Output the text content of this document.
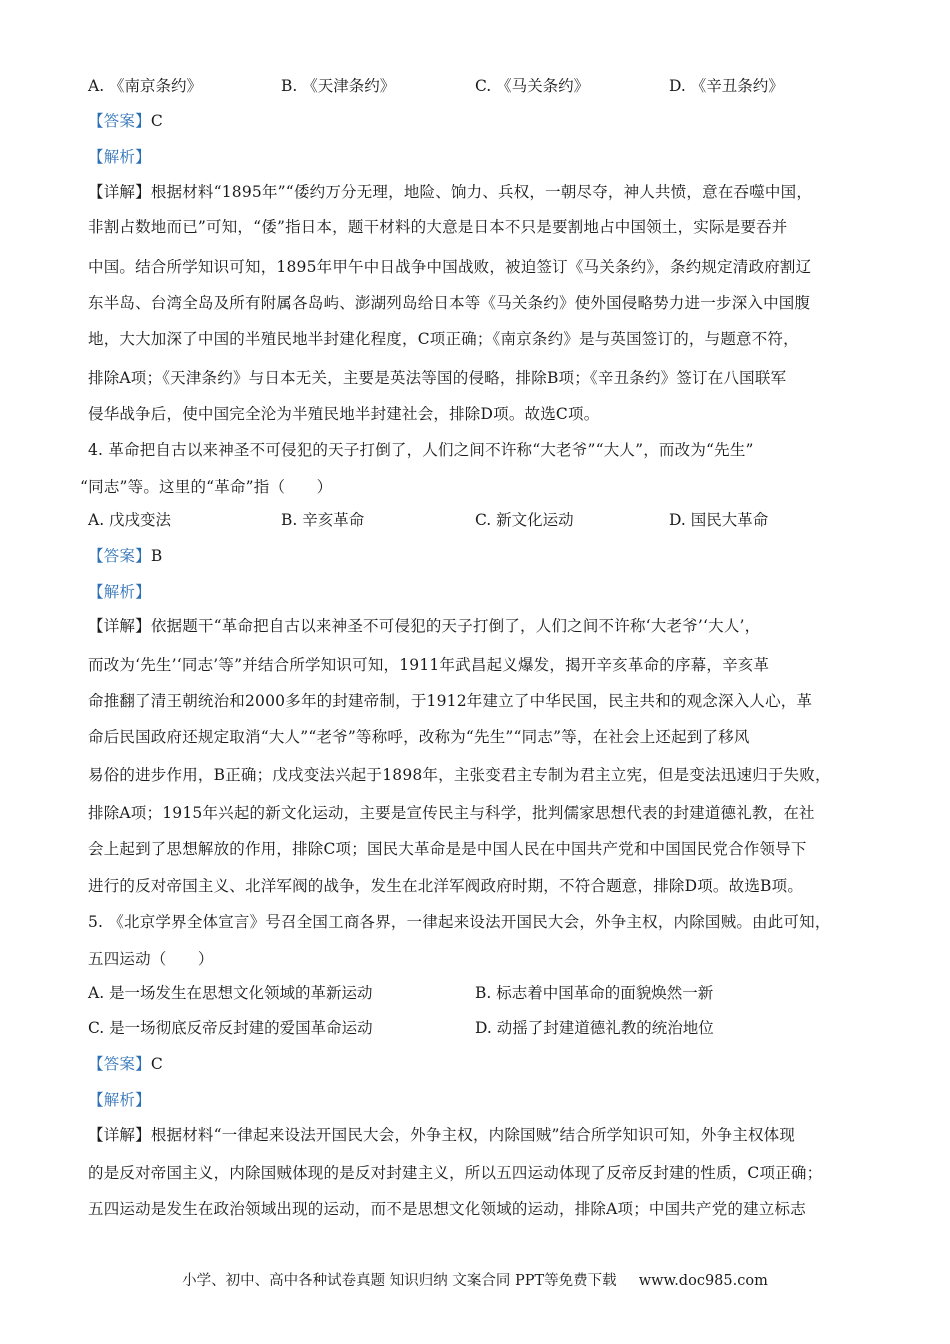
A. 《南京条约》	B. 《天津条约》	C. 《马关条约》	D. 《辛丑条约》
【答案】C
【解析】
【详解】根据材料“1895年”“倭约万分无理，地险、饷力、兵权，一朝尽夺，神人共愤，意在吞噬中国，
非割占数地而已”可知，“倭”指日本，题干材料的大意是日本不只是要割地占中国领土，实际是要吞并
中国。结合所学知识可知，1895年甲午中日战争中国战败，被迫签订《马关条约》，条约规定清政府割辽
东半岛、台湾全岛及所有附属各岛屿、澎湖列岛给日本等《马关条约》使外国侵略势力进一步深入中国腹
地，大大加深了中国的半殖民地半封建化程度，C项正确；《南京条约》是与英国签订的，与题意不符，
排除A项；《天津条约》与日本无关，主要是英法等国的侵略，排除B项；《辛丑条约》签订在八国联军
侵华战争后，使中国完全沦为半殖民地半封建社会，排除D项。故选C项。
4. 革命把自古以来神圣不可侵犯的天子打倒了，人们之间不许称“大老爷”“大人”，而改为“先生”
“同志”等。这里的“革命”指（　　）
A. 戊戌变法	B. 辛亥革命	C. 新文化运动	D. 国民大革命
【答案】B
【解析】
【详解】依据题干“革命把自古以来神圣不可侵犯的天子打倒了，人们之间不许称‘大老爷’‘大人’，
而改为‘先生’‘同志’等”并结合所学知识可知，1911年武昌起义爆发，揭开辛亥革命的序幕，辛亥革
命推翻了清王朝统治和2000多年的封建帝制，于1912年建立了中华民国，民主共和的观念深入人心，革
命后民国政府还规定取消“大人”“老爷”等称呼，改称为“先生”“同志”等，在社会上还起到了移风
易俗的进步作用，B正确；戊戌变法兴起于1898年，主张变君主专制为君主立宪，但是变法迅速归于失败，
排除A项；1915年兴起的新文化运动，主要是宣传民主与科学，批判儒家思想代表的封建道德礼教，在社
会上起到了思想解放的作用，排除C项；国民大革命是是中国人民在中国共产党和中国国民党合作领导下
进行的反对帝国主义、北洋军阀的战争，发生在北洋军阀政府时期，不符合题意，排除D项。故选B项。
5. 《北京学界全体宣言》号召全国工商各界，一律起来设法开国民大会，外争主权，内除国贼。由此可知，
五四运动（　　）
A. 是一场发生在思想文化领域的革新运动	B. 标志着中国革命的面貌焕然一新
C. 是一场彻底反帝反封建的爱国革命运动	D. 动摇了封建道德礼教的统治地位
【答案】C
【解析】
【详解】根据材料“一律起来设法开国民大会，外争主权，内除国贼”结合所学知识可知，外争主权体现
的是反对帝国主义，内除国贼体现的是反对封建主义，所以五四运动体现了反帝反封建的性质，C项正确；
五四运动是发生在政治领域出现的运动，而不是思想文化领域的运动，排除A项；中国共产党的建立标志
小学、初中、高中各种试卷真题 知识归纳 文案合同 PPT等免费下载 www.doc985.com
